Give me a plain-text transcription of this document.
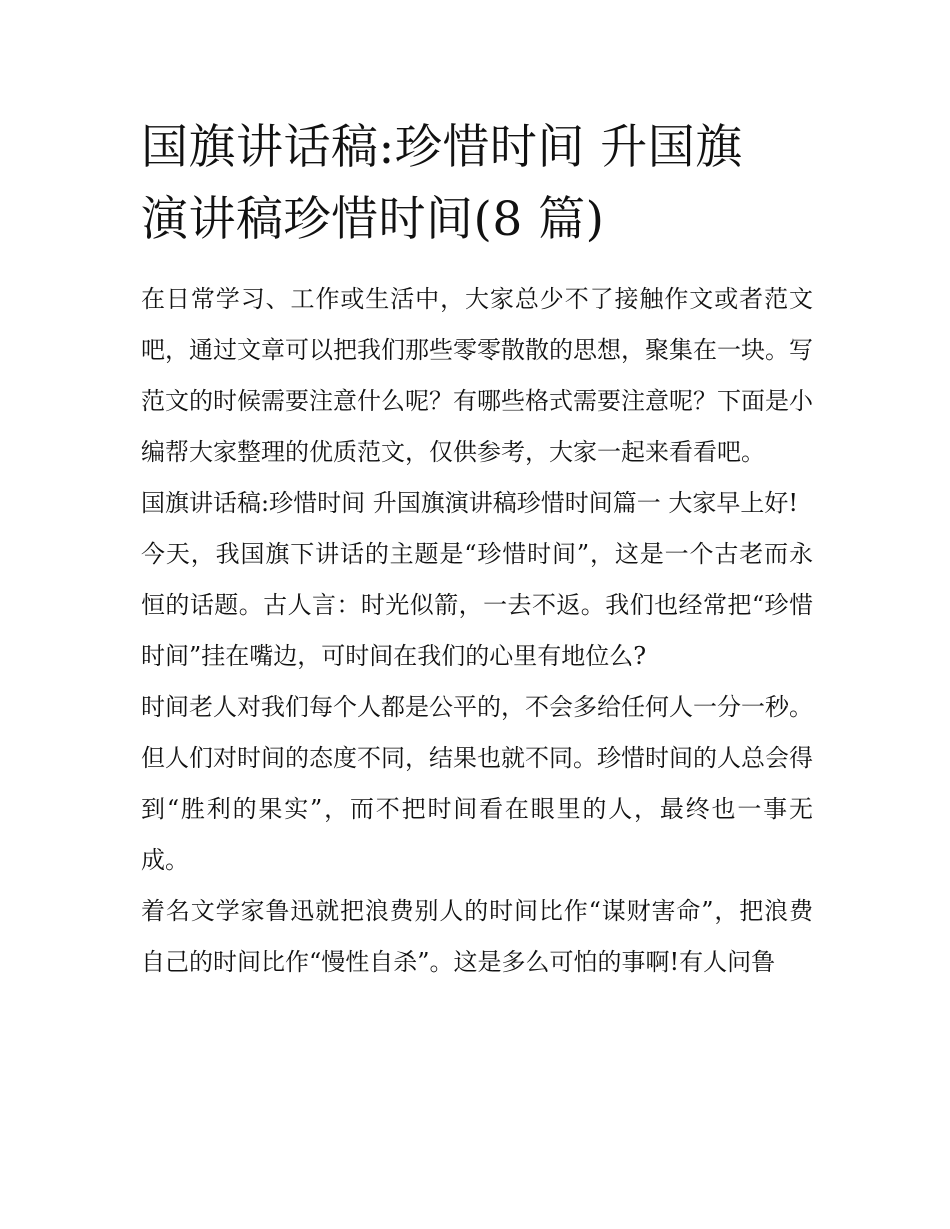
国旗讲话稿:珍惜时间 升国旗
演讲稿珍惜时间(8 篇)

在日常学习、工作或生活中，大家总少不了接触作文或者范文吧，通过文章可以把我们那些零零散散的思想，聚集在一块。写范文的时候需要注意什么呢？有哪些格式需要注意呢？下面是小编帮大家整理的优质范文，仅供参考，大家一起来看看吧。

国旗讲话稿:珍惜时间 升国旗演讲稿珍惜时间篇一 大家早上好!

今天，我国旗下讲话的主题是“珍惜时间”，这是一个古老而永恒的话题。古人言：时光似箭，一去不返。我们也经常把“珍惜时间”挂在嘴边，可时间在我们的心里有地位么?

时间老人对我们每个人都是公平的，不会多给任何人一分一秒。但人们对时间的态度不同，结果也就不同。珍惜时间的人总会得到“胜利的果实”，而不把时间看在眼里的人，最终也一事无成。

着名文学家鲁迅就把浪费别人的时间比作“谋财害命”，把浪费自己的时间比作“慢性自杀”。这是多么可怕的事啊!有人问鲁
